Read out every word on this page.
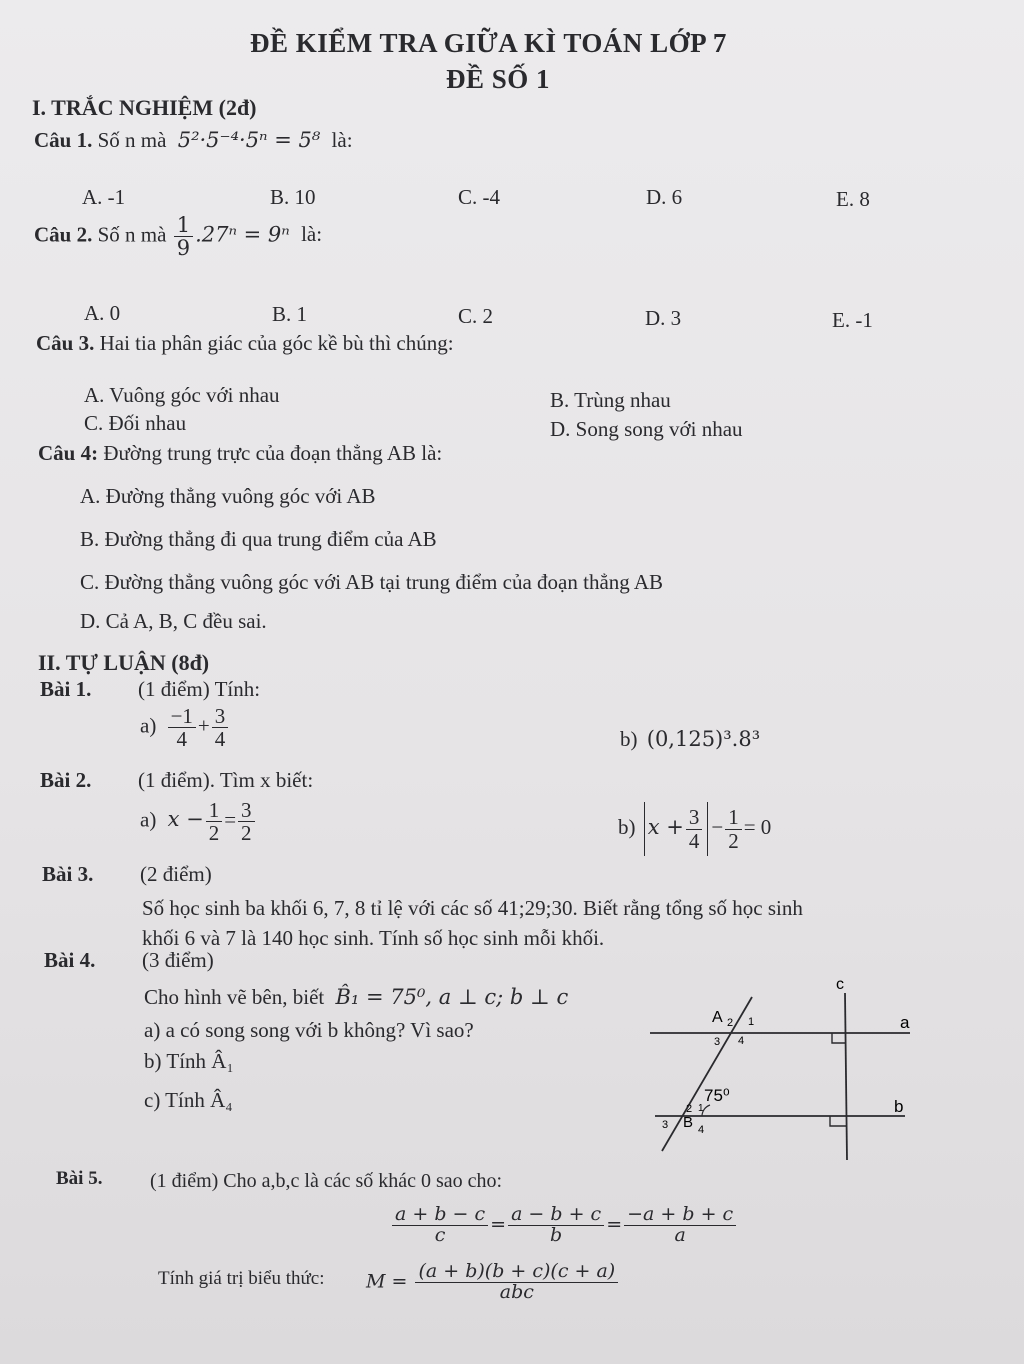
ĐỀ KIỂM TRA GIỮA KÌ TOÁN LỚP 7
ĐỀ SỐ 1
I. TRẮC NGHIỆM (2đ)
Câu 1. Số n mà 5²·5⁻⁴·5ⁿ = 5⁸ là:
A. -1	B. 10	C. -4	D. 6	E. 8
Câu 2. Số n mà $\frac{1}{9} .27^n = 9^n$ là:
A. 0	B. 1	C. 2	D. 3	E. -1
Câu 3. Hai tia phân giác của góc kề bù thì chúng:
A. Vuông góc với nhau	B. Trùng nhau
C. Đối nhau	D. Song song với nhau
Câu 4: Đường trung trực của đoạn thẳng AB là:
A. Đường thẳng vuông góc với AB
B. Đường thẳng đi qua trung điểm của AB
C. Đường thẳng vuông góc với AB tại trung điểm của đoạn thẳng AB
D. Cả A, B, C đều sai.
II. TỰ LUẬN (8đ)
Bài 1. (1 điểm) Tính:
$a) \frac{-1}{4} + \frac{3}{4}$	b) (0,125)³.8³
Bài 2. (1 điểm). Tìm x biết:
a) $x - \frac{1}{2} = \frac{3}{2}$	b) $x + \frac{3}{4} - \frac{1}{2} = 0$
Bài 3. (2 điểm)
Số học sinh ba khối 6, 7, 8 tỉ lệ với các số 41;29;30. Biết rằng tổng số học sinh
khối 6 và 7 là 140 học sinh. Tính số học sinh mỗi khối.
Bài 4. (3 điểm)
Cho hình vẽ bên, biết B̂₁ = 75⁰, a ⊥ c; b ⊥ c
a) a có song song với b không? Vì sao?
b) Tính Â₁
c) Tính Â₄
c
a
b
A 2 1
3 4
75⁰
2 1
3 B 4
Bài 5. (1 điểm) Cho a,b,c là các số khác 0 sao cho:
$\frac{a + b - c}{c} = \frac{a - b + c}{b} = \frac{-a + b + c}{a}$
Tính giá trị biểu thức: $M = \frac{(a + b)(b + c)(c + a)}{\text{abc}}$
